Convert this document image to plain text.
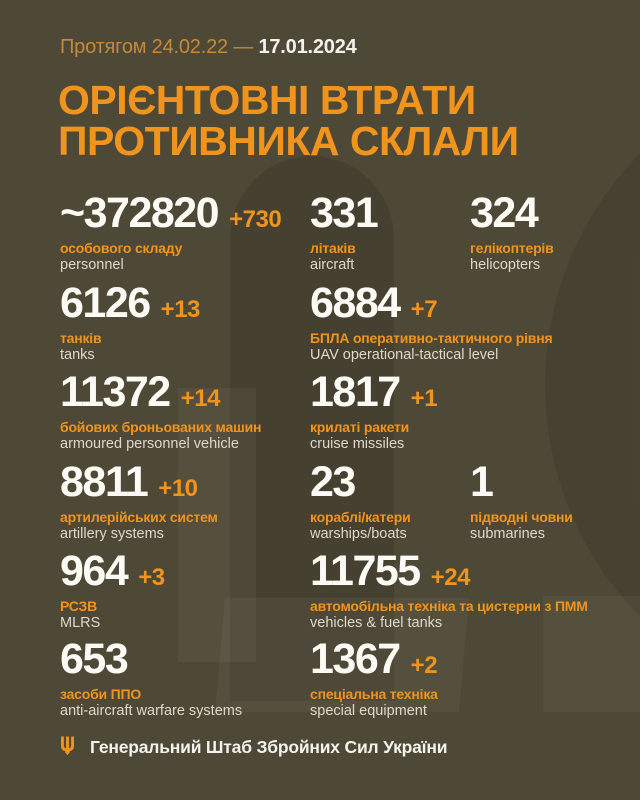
Протягом 24.02.22 — 17.01.2024
ОРІЄНТОВНІ ВТРАТИ
ПРОТИВНИКА СКЛАЛИ
~372820 +730
особового складу
personnel
331
літаків
aircraft
324
гелікоптерів
helicopters
6126 +13
танків
tanks
6884 +7
БПЛА оперативно-тактичного рівня
UAV operational-tactical level
11372 +14
бойових броньованих машин
armoured personnel vehicle
1817 +1
крилаті ракети
cruise missiles
8811 +10
артилерійських систем
artillery systems
23
кораблі/катери
warships/boats
1
підводні човни
submarines
964 +3
РСЗВ
MLRS
11755 +24
автомобільна техніка та цистерни з ПММ
vehicles & fuel tanks
653
засоби ППО
anti-aircraft warfare systems
1367 +2
спеціальна техніка
special equipment
Генеральний Штаб Збройних Сил України
